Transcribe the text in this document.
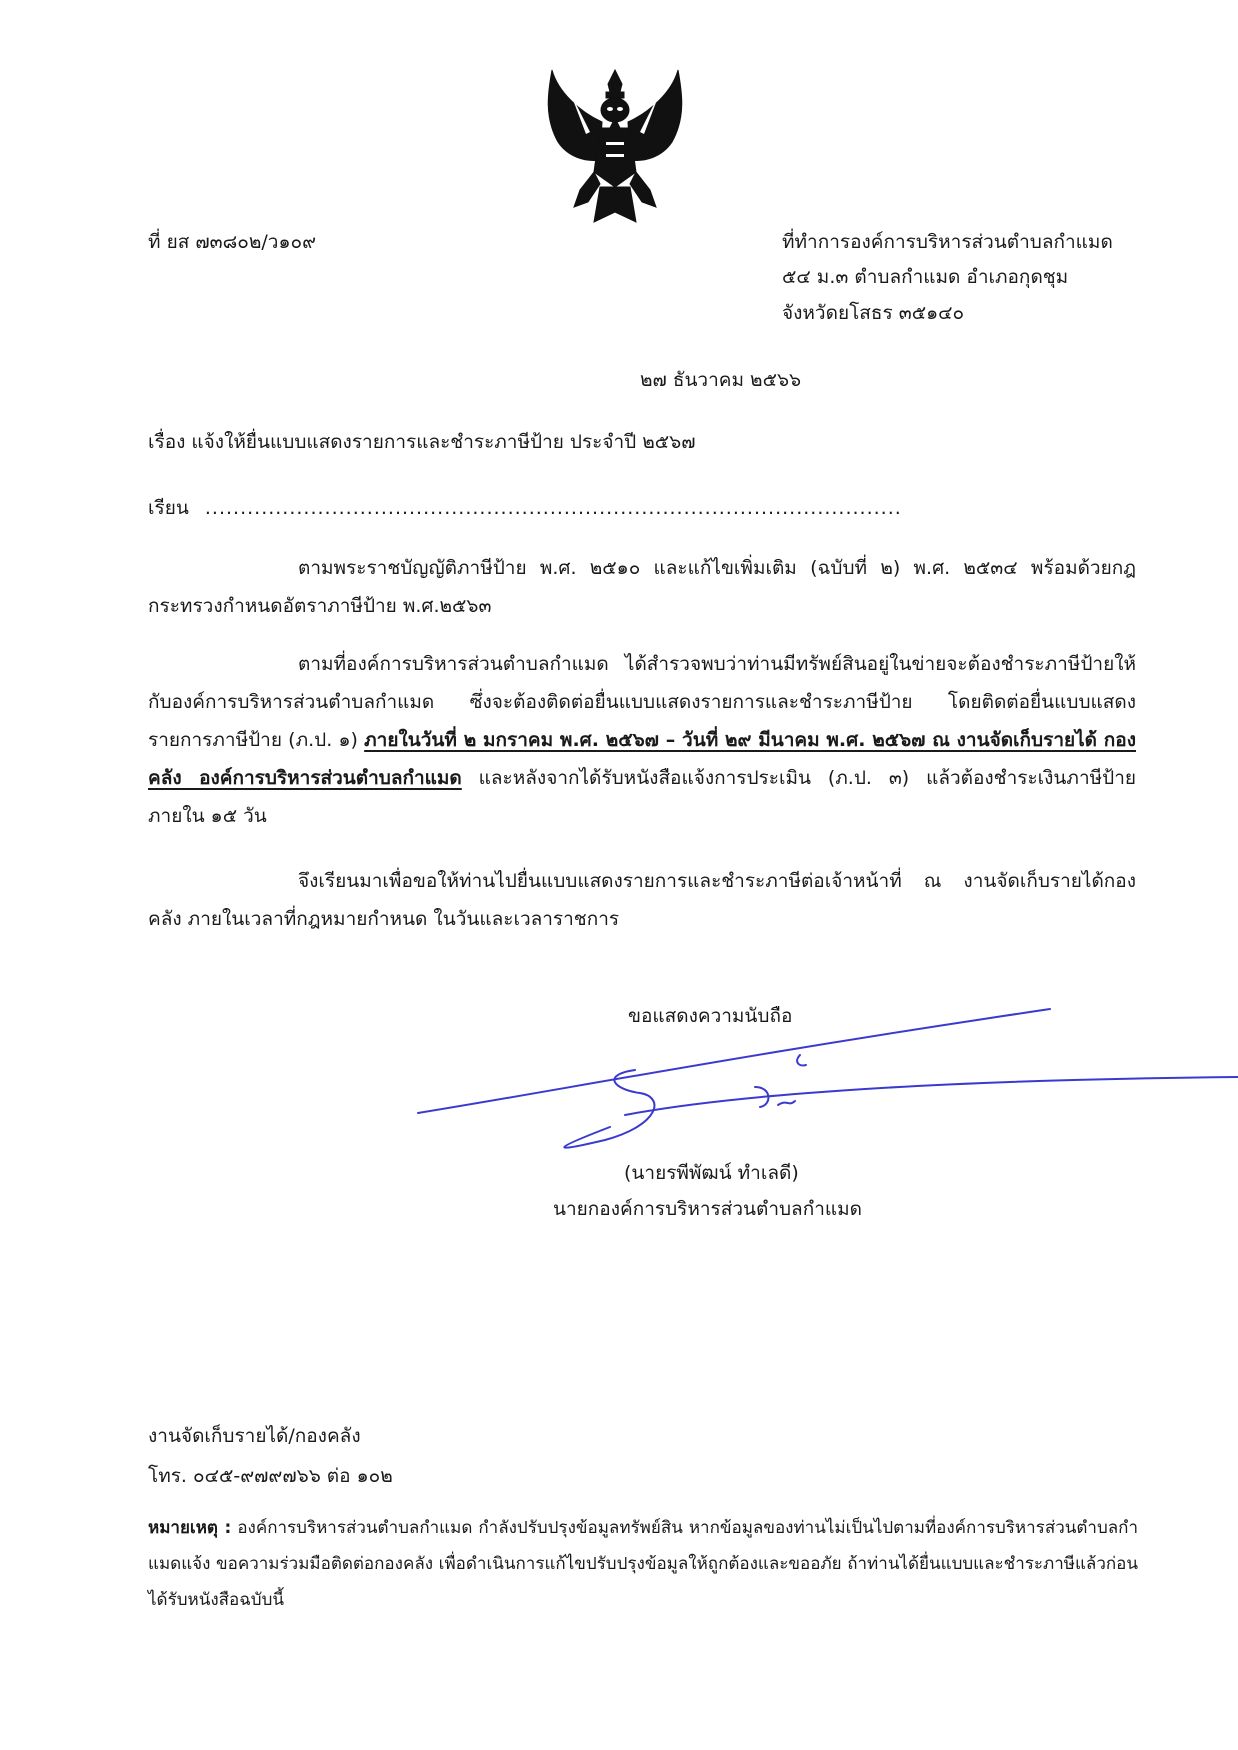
ที่ ยส ๗๓๘๐๒/ว๑๐๙	ที่ทำการองค์การบริหารส่วนตำบลกำแมด
๕๔ ม.๓ ตำบลกำแมด อำเภอกุดชุม
จังหวัดยโสธร ๓๕๑๔๐
๒๗ ธันวาคม ๒๕๖๖
เรื่อง แจ้งให้ยื่นแบบแสดงรายการและชำระภาษีป้าย ประจำปี ๒๕๖๗
เรียน ...................................................................................................
ตามพระราชบัญญัติภาษีป้าย พ.ศ. ๒๕๑๐ และแก้ไขเพิ่มเติม (ฉบับที่ ๒) พ.ศ. ๒๕๓๔ พร้อมด้วยกฎกระทรวงกำหนดอัตราภาษีป้าย พ.ศ.๒๕๖๓
ตามที่องค์การบริหารส่วนตำบลกำแมด ได้สำรวจพบว่าท่านมีทรัพย์สินอยู่ในข่ายจะต้องชำระภาษีป้ายให้กับองค์การบริหารส่วนตำบลกำแมด ซึ่งจะต้องติดต่อยื่นแบบแสดงรายการและชำระภาษีป้าย โดยติดต่อยื่นแบบแสดงรายการภาษีป้าย (ภ.ป. ๑) ภายในวันที่ ๒ มกราคม พ.ศ. ๒๕๖๗ – วันที่ ๒๙ มีนาคม พ.ศ. ๒๕๖๗ ณ งานจัดเก็บรายได้ กองคลัง องค์การบริหารส่วนตำบลกำแมด และหลังจากได้รับหนังสือแจ้งการประเมิน (ภ.ป. ๓) แล้วต้องชำระเงินภาษีป้ายภายใน ๑๕ วัน
จึงเรียนมาเพื่อขอให้ท่านไปยื่นแบบแสดงรายการและชำระภาษีต่อเจ้าหน้าที่ ณ งานจัดเก็บรายได้กองคลัง ภายในเวลาที่กฎหมายกำหนด ในวันและเวลาราชการ
ขอแสดงความนับถือ
(นายรพีพัฒน์ ทำเลดี)
นายกองค์การบริหารส่วนตำบลกำแมด
งานจัดเก็บรายได้/กองคลัง
โทร. ๐๔๕-๙๗๙๗๖๖ ต่อ ๑๐๒
หมายเหตุ : องค์การบริหารส่วนตำบลกำแมด กำลังปรับปรุงข้อมูลทรัพย์สิน หากข้อมูลของท่านไม่เป็นไปตามที่องค์การบริหารส่วนตำบลกำแมดแจ้ง ขอความร่วมมือติดต่อกองคลัง เพื่อดำเนินการแก้ไขปรับปรุงข้อมูลให้ถูกต้องและขออภัย ถ้าท่านได้ยื่นแบบและชำระภาษีแล้วก่อนได้รับหนังสือฉบับนี้
